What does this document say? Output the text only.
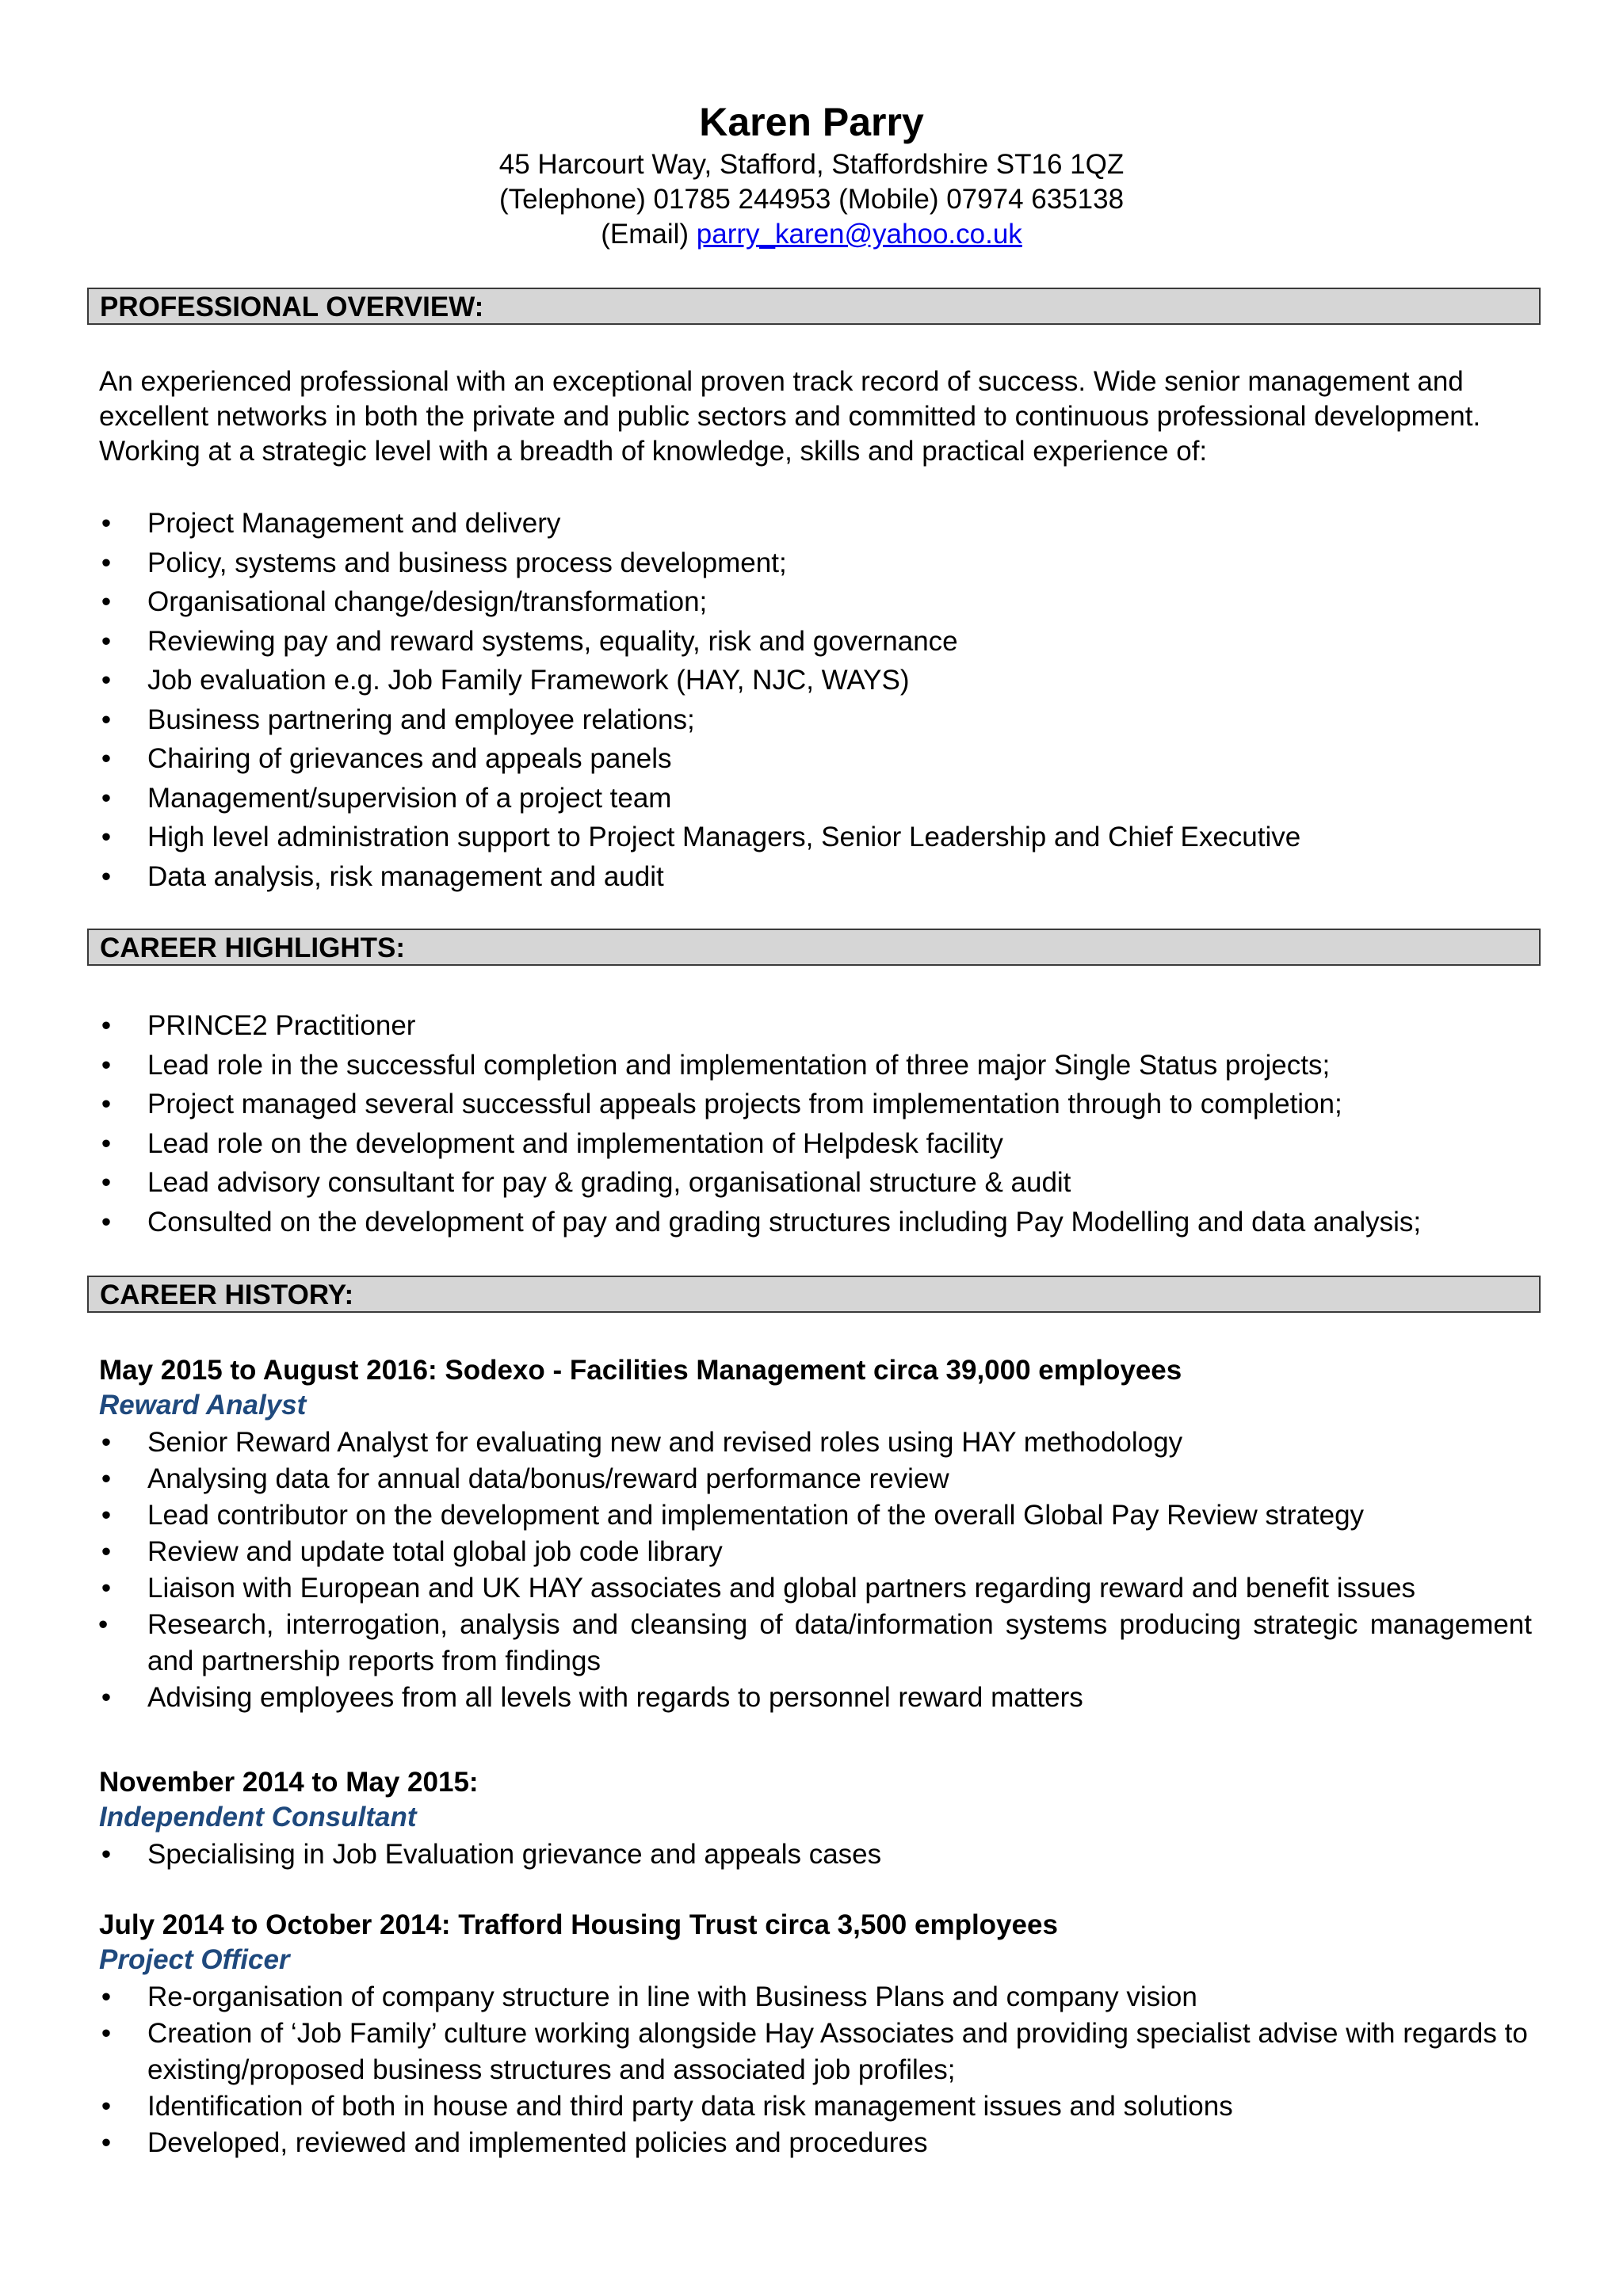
Karen Parry
45 Harcourt Way, Stafford, Staffordshire ST16 1QZ
(Telephone) 01785 244953 (Mobile) 07974 635138
(Email) parry_karen@yahoo.co.uk
PROFESSIONAL OVERVIEW:

An experienced professional with an exceptional proven track record of success. Wide senior management and excellent networks in both the private and public sectors and committed to continuous professional development. Working at a strategic level with a breadth of knowledge, skills and practical experience of:

• Project Management and delivery
• Policy, systems and business process development;
• Organisational change/design/transformation;
• Reviewing pay and reward systems, equality, risk and governance
• Job evaluation e.g. Job Family Framework (HAY, NJC, WAYS)
• Business partnering and employee relations;
• Chairing of grievances and appeals panels
• Management/supervision of a project team
• High level administration support to Project Managers, Senior Leadership and Chief Executive
• Data analysis, risk management and audit
CAREER HIGHLIGHTS:
• PRINCE2 Practitioner
• Lead role in the successful completion and implementation of three major Single Status projects;
• Project managed several successful appeals projects from implementation through to completion;
• Lead role on the development and implementation of Helpdesk facility
• Lead advisory consultant for pay & grading, organisational structure & audit
• Consulted on the development of pay and grading structures including Pay Modelling and data analysis;
CAREER HISTORY:
May 2015 to August 2016: Sodexo - Facilities Management circa 39,000 employees
Reward Analyst
• Senior Reward Analyst for evaluating new and revised roles using HAY methodology
• Analysing data for annual data/bonus/reward performance review
• Lead contributor on the development and implementation of the overall Global Pay Review strategy
• Review and update total global job code library
• Liaison with European and UK HAY associates and global partners regarding reward and benefit issues
• Research, interrogation, analysis and cleansing of data/information systems producing strategic management and partnership reports from findings
• Advising employees from all levels with regards to personnel reward matters
November 2014 to May 2015:
Independent Consultant
• Specialising in Job Evaluation grievance and appeals cases
July 2014 to October 2014: Trafford Housing Trust circa 3,500 employees
Project Officer
• Re-organisation of company structure in line with Business Plans and company vision
• Creation of ‘Job Family’ culture working alongside Hay Associates and providing specialist advise with regards to existing/proposed business structures and associated job profiles;
• Identification of both in house and third party data risk management issues and solutions
• Developed, reviewed and implemented policies and procedures
